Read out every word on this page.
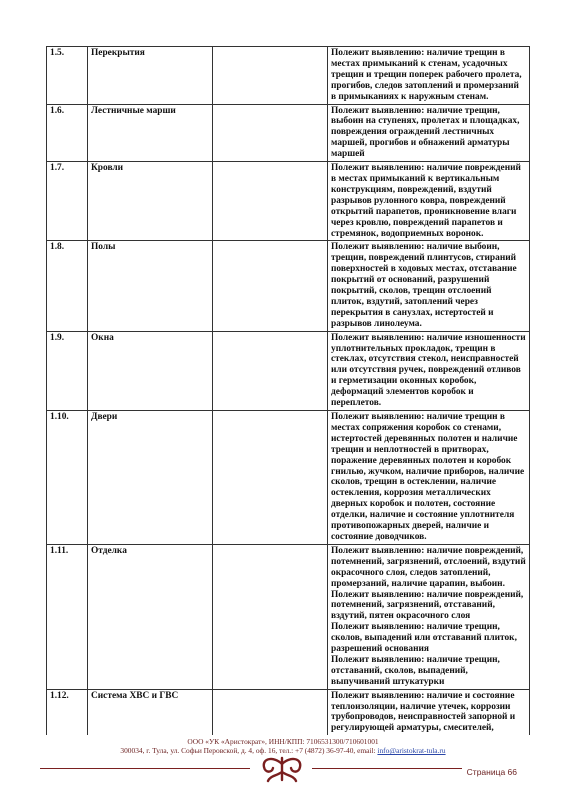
1.5.	Перекрытия		Полежит выявлению: наличие трещин в местах примыканий к стенам, усадочных трещин и трещин поперек рабочего пролета, прогибов, следов затоплений и промерзаний в примыканиях к наружным стенам.

1.6.	Лестничные марши		Полежит выявлению: наличие трещин, выбоин на ступенях, пролетах и площадках, повреждения ограждений лестничных маршей, прогибов и обнажений арматуры маршей

1.7.	Кровли		Полежит выявлению: наличие повреждений в местах примыканий к вертикальным конструкциям, повреждений, вздутий разрывов рулонного ковра, повреждений открытий парапетов, проникновение влаги через кровлю, повреждений парапетов и стремянок, водоприемных воронок.

1.8.	Полы		Полежит выявлению: наличие выбоин, трещин, повреждений плинтусов, стираний поверхностей в ходовых местах, отставание покрытий от оснований, разрушений покрытий, сколов, трещин отслоений плиток, вздутий, затоплений через перекрытия в санузлах, истертостей и разрывов линолеума.

1.9.	Окна		Полежит выявлению: наличие изношенности уплотнительных прокладок, трещин в стеклах, отсутствия стекол, неисправностей или отсутствия ручек, повреждений отливов и герметизации оконных коробок, деформаций элементов коробок и переплетов.

1.10.	Двери		Полежит выявлению: наличие трещин в местах сопряжения коробок со стенами, истертостей деревянных полотен и наличие трещин и неплотностей в притворах, поражение деревянных полотен и коробок гнилью, жучком, наличие приборов, наличие сколов, трещин в остеклении, наличие остекления, коррозия металлических дверных коробок и полотен, состояние отделки, наличие и состояние уплотнителя противопожарных дверей, наличие и состояние доводчиков.

1.11.	Отделка		Полежит выявлению: наличие повреждений, потемнений, загрязнений, отслоений, вздутий окрасочного слоя, следов затоплений, промерзаний, наличие царапин, выбоин.
Полежит выявлению: наличие повреждений, потемнений, загрязнений, отставаний, вздутий, пятен окрасочного слоя
Полежит выявлению: наличие трещин, сколов, выпадений или отставаний плиток, разрешений основания
Полежит выявлению: наличие трещин, отставаний, сколов, выпадений, выпучиваний штукатурки

1.12.	Система ХВС и ГВС		Полежит выявлению: наличие и состояние теплоизоляции, наличие утечек, коррозии трубопроводов, неисправностей запорной и регулирующей арматуры, смесителей,
ООО «УК «Аристократ», ИНН/КПП: 7106531300/710601001
300034, г. Тула, ул. Софьи Перовской, д. 4, оф. 16, тел.: +7 (4872) 36-97-40, email: info@aristokrat-tula.ru
Страница 66
